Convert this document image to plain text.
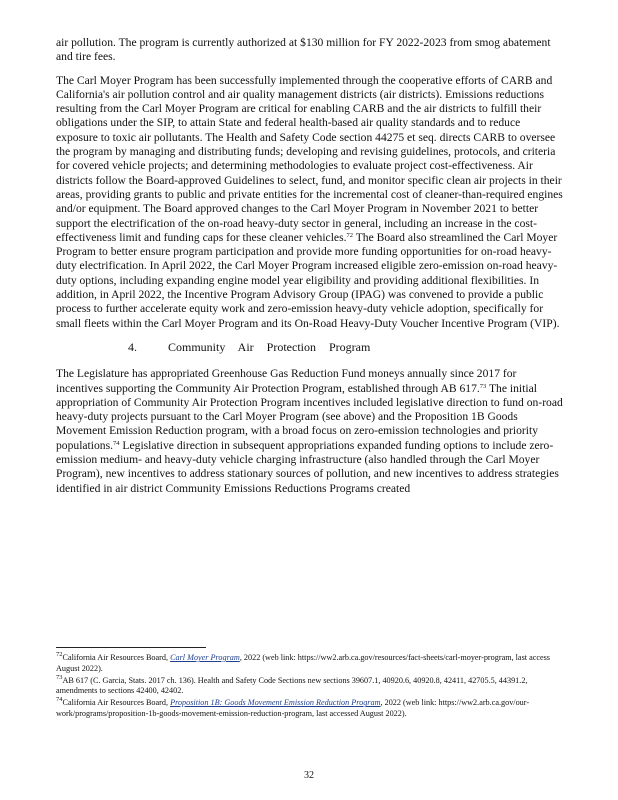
air pollution. The program is currently authorized at $130 million for FY 2022-2023 from smog abatement and tire fees.

The Carl Moyer Program has been successfully implemented through the cooperative efforts of CARB and California's air pollution control and air quality management districts (air districts). Emissions reductions resulting from the Carl Moyer Program are critical for enabling CARB and the air districts to fulfill their obligations under the SIP, to attain State and federal health-based air quality standards and to reduce exposure to toxic air pollutants. The Health and Safety Code section 44275 et seq. directs CARB to oversee the program by managing and distributing funds; developing and revising guidelines, protocols, and criteria for covered vehicle projects; and determining methodologies to evaluate project cost-effectiveness. Air districts follow the Board-approved Guidelines to select, fund, and monitor specific clean air projects in their areas, providing grants to public and private entities for the incremental cost of cleaner-than-required engines and/or equipment. The Board approved changes to the Carl Moyer Program in November 2021 to better support the electrification of the on-road heavy-duty sector in general, including an increase in the cost-effectiveness limit and funding caps for these cleaner vehicles.$^{72}$ The Board also streamlined the Carl Moyer Program to better ensure program participation and provide more funding opportunities for on-road heavy-duty electrification. In April 2022, the Carl Moyer Program increased eligible zero-emission on-road heavy-duty options, including expanding engine model year eligibility and providing additional flexibilities. In addition, in April 2022, the Incentive Program Advisory Group (IPAG) was convened to provide a public process to further accelerate equity work and zero-emission heavy-duty vehicle adoption, specifically for small fleets within the Carl Moyer Program and its On-Road Heavy-Duty Voucher Incentive Program (VIP).

4.	Community Air Protection Program

The Legislature has appropriated Greenhouse Gas Reduction Fund moneys annually since 2017 for incentives supporting the Community Air Protection Program, established through AB 617.73 The initial appropriation of Community Air Protection Program incentives included legislative direction to fund on-road heavy-duty projects pursuant to the Carl Moyer Program (see above) and the Proposition 1B Goods Movement Emission Reduction program, with a broad focus on zero-emission technologies and priority populations.$^{74}$ Legislative direction in subsequent appropriations expanded funding options to include zero-emission medium- and heavy-duty vehicle charging infrastructure (also handled through the Carl Moyer Program), new incentives to address stationary sources of pollution, and new incentives to address strategies identified in air district Community Emissions Reductions Programs created

$^{72}$California Air Resources Board, Carl Moyer Program, 2022 (web link: https://ww2.arb.ca.gov/resources/fact-sheets/carl-moyer-program, last access August 2022).
$^{73}$AB 617 (C. Garcia, Stats. 2017 ch. 136). Health and Safety Code Sections new sections 39607.1, 40920.6, 40920.8, 42411, 42705.5, 44391.2, amendments to sections 42400, 42402.
$^{74}$California Air Resources Board, Proposition 1B: Goods Movement Emission Reduction Program, 2022 (web link: https://ww2.arb.ca.gov/our-work/programs/proposition-1b-goods-movement-emission-reduction-program, last accessed August 2022).
32
